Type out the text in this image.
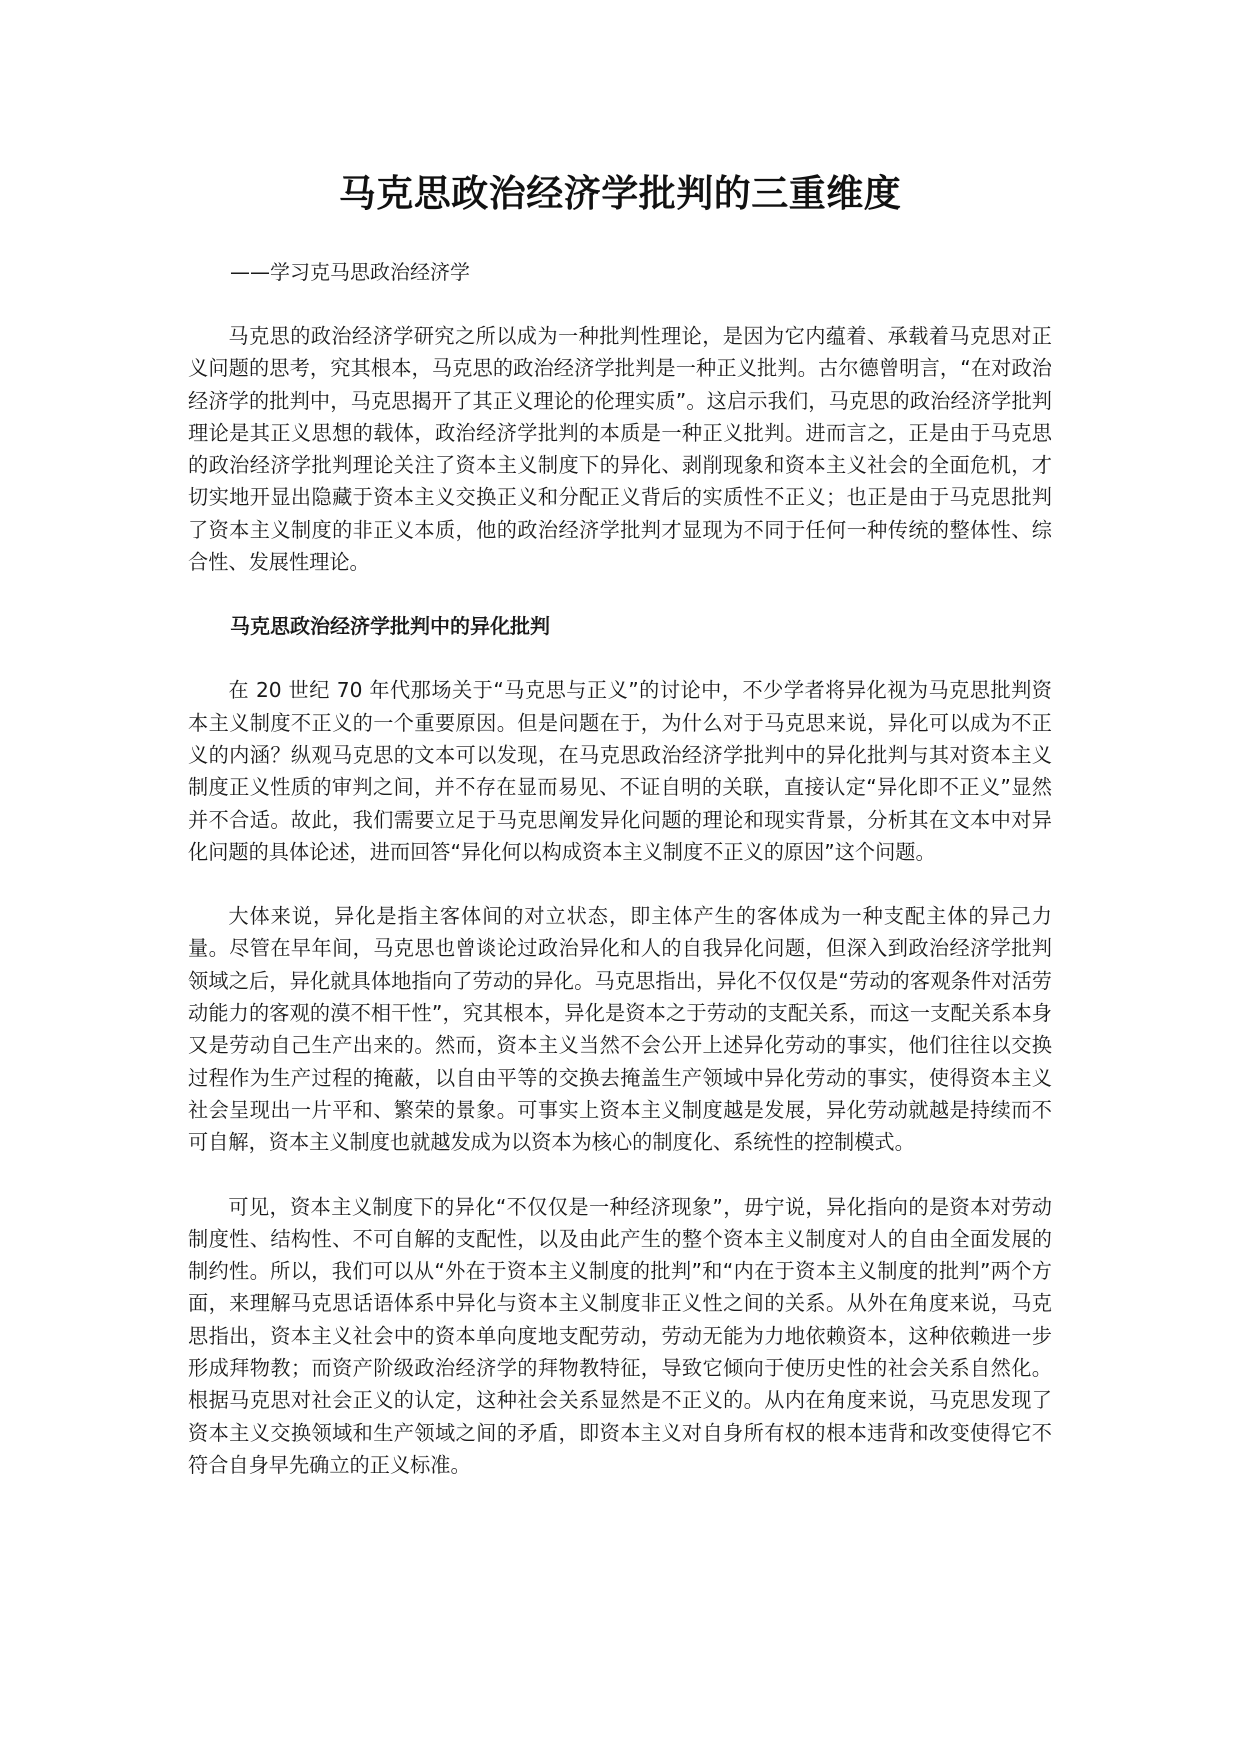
马克思政治经济学批判的三重维度

——学习克马思政治经济学

马克思的政治经济学研究之所以成为一种批判性理论，是因为它内蕴着、承载着马克思对正义问题的思考，究其根本，马克思的政治经济学批判是一种正义批判。古尔德曾明言，“在对政治经济学的批判中，马克思揭开了其正义理论的伦理实质”。这启示我们，马克思的政治经济学批判理论是其正义思想的载体，政治经济学批判的本质是一种正义批判。进而言之，正是由于马克思的政治经济学批判理论关注了资本主义制度下的异化、剥削现象和资本主义社会的全面危机，才切实地开显出隐藏于资本主义交换正义和分配正义背后的实质性不正义；也正是由于马克思批判了资本主义制度的非正义本质，他的政治经济学批判才显现为不同于任何一种传统的整体性、综合性、发展性理论。

马克思政治经济学批判中的异化批判

在 20 世纪 70 年代那场关于“马克思与正义”的讨论中，不少学者将异化视为马克思批判资本主义制度不正义的一个重要原因。但是问题在于，为什么对于马克思来说，异化可以成为不正义的内涵？纵观马克思的文本可以发现，在马克思政治经济学批判中的异化批判与其对资本主义制度正义性质的审判之间，并不存在显而易见、不证自明的关联，直接认定“异化即不正义”显然并不合适。故此，我们需要立足于马克思阐发异化问题的理论和现实背景，分析其在文本中对异化问题的具体论述，进而回答“异化何以构成资本主义制度不正义的原因”这个问题。

大体来说，异化是指主客体间的对立状态，即主体产生的客体成为一种支配主体的异己力量。尽管在早年间，马克思也曾谈论过政治异化和人的自我异化问题，但深入到政治经济学批判领域之后，异化就具体地指向了劳动的异化。马克思指出，异化不仅仅是“劳动的客观条件对活劳动能力的客观的漠不相干性”，究其根本，异化是资本之于劳动的支配关系，而这一支配关系本身又是劳动自己生产出来的。然而，资本主义当然不会公开上述异化劳动的事实，他们往往以交换过程作为生产过程的掩蔽，以自由平等的交换去掩盖生产领域中异化劳动的事实，使得资本主义社会呈现出一片平和、繁荣的景象。可事实上资本主义制度越是发展，异化劳动就越是持续而不可自解，资本主义制度也就越发成为以资本为核心的制度化、系统性的控制模式。

可见，资本主义制度下的异化“不仅仅是一种经济现象”，毋宁说，异化指向的是资本对劳动制度性、结构性、不可自解的支配性，以及由此产生的整个资本主义制度对人的自由全面发展的制约性。所以，我们可以从“外在于资本主义制度的批判”和“内在于资本主义制度的批判”两个方面，来理解马克思话语体系中异化与资本主义制度非正义性之间的关系。从外在角度来说，马克思指出，资本主义社会中的资本单向度地支配劳动，劳动无能为力地依赖资本，这种依赖进一步形成拜物教；而资产阶级政治经济学的拜物教特征，导致它倾向于使历史性的社会关系自然化。根据马克思对社会正义的认定，这种社会关系显然是不正义的。从内在角度来说，马克思发现了资本主义交换领域和生产领域之间的矛盾，即资本主义对自身所有权的根本违背和改变使得它不符合自身早先确立的正义标准。
